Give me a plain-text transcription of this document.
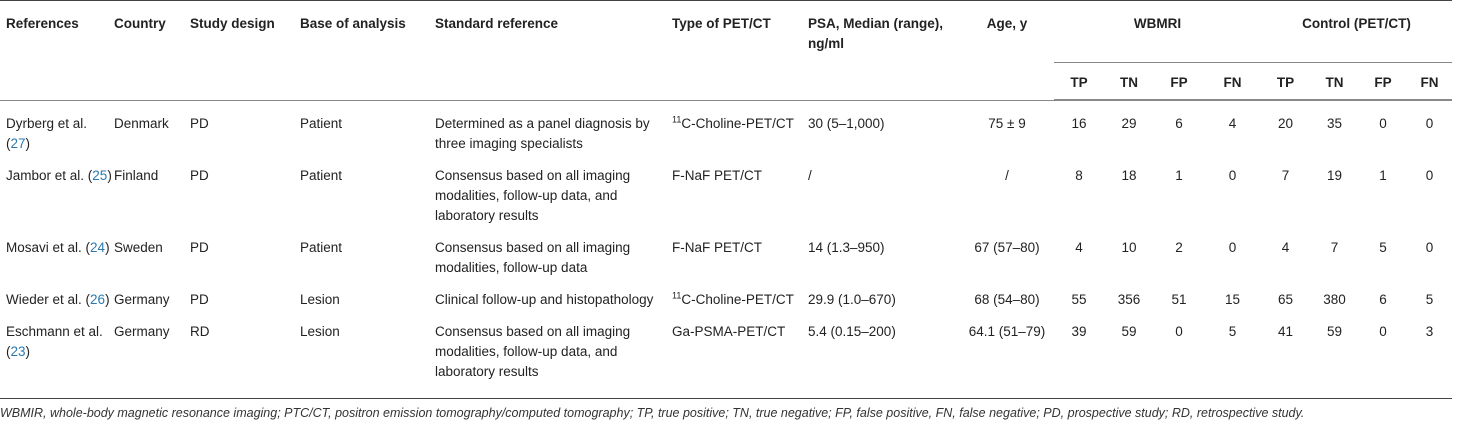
References	Country	Study design	Base of analysis	Standard reference	Type of PET/CT	PSA, Median (range), ng/ml	Age, y	WBMRI				Control (PET/CT)			
								TP	TN	FP	FN	TP	TN	FP	FN

Dyrberg et al. (27)	Denmark	PD	Patient	Determined as a panel diagnosis by three imaging specialists	$^{11}$C-Choline-PET/CT	30 (5–1,000)	75 ± 9	16	29	6	4	20	35	0	0
Jambor et al. (25)	Finland	PD	Patient	Consensus based on all imaging modalities, follow-up data, and laboratory results	F-NaF PET/CT	/	/	8	18	1	0	7	19	1	0
Mosavi et al. (24)	Sweden	PD	Patient	Consensus based on all imaging modalities, follow-up data	F-NaF PET/CT	14 (1.3–950)	67 (57–80)	4	10	2	0	4	7	5	0
Wieder et al. (26)	Germany	PD	Lesion	Clinical follow-up and histopathology	$^{11}$C-Choline-PET/CT	29.9 (1.0–670)	68 (54–80)	55	356	51	15	65	380	6	5
Eschmann et al. (23)	Germany	RD	Lesion	Consensus based on all imaging modalities, follow-up data, and laboratory results	Ga-PSMA-PET/CT	5.4 (0.15–200)	64.1 (51–79)	39	59	0	5	41	59	0	3
WBMIR, whole-body magnetic resonance imaging; PTC/CT, positron emission tomography/computed tomography; TP, true positive; TN, true negative; FP, false positive, FN, false negative; PD, prospective study; RD, retrospective study.
